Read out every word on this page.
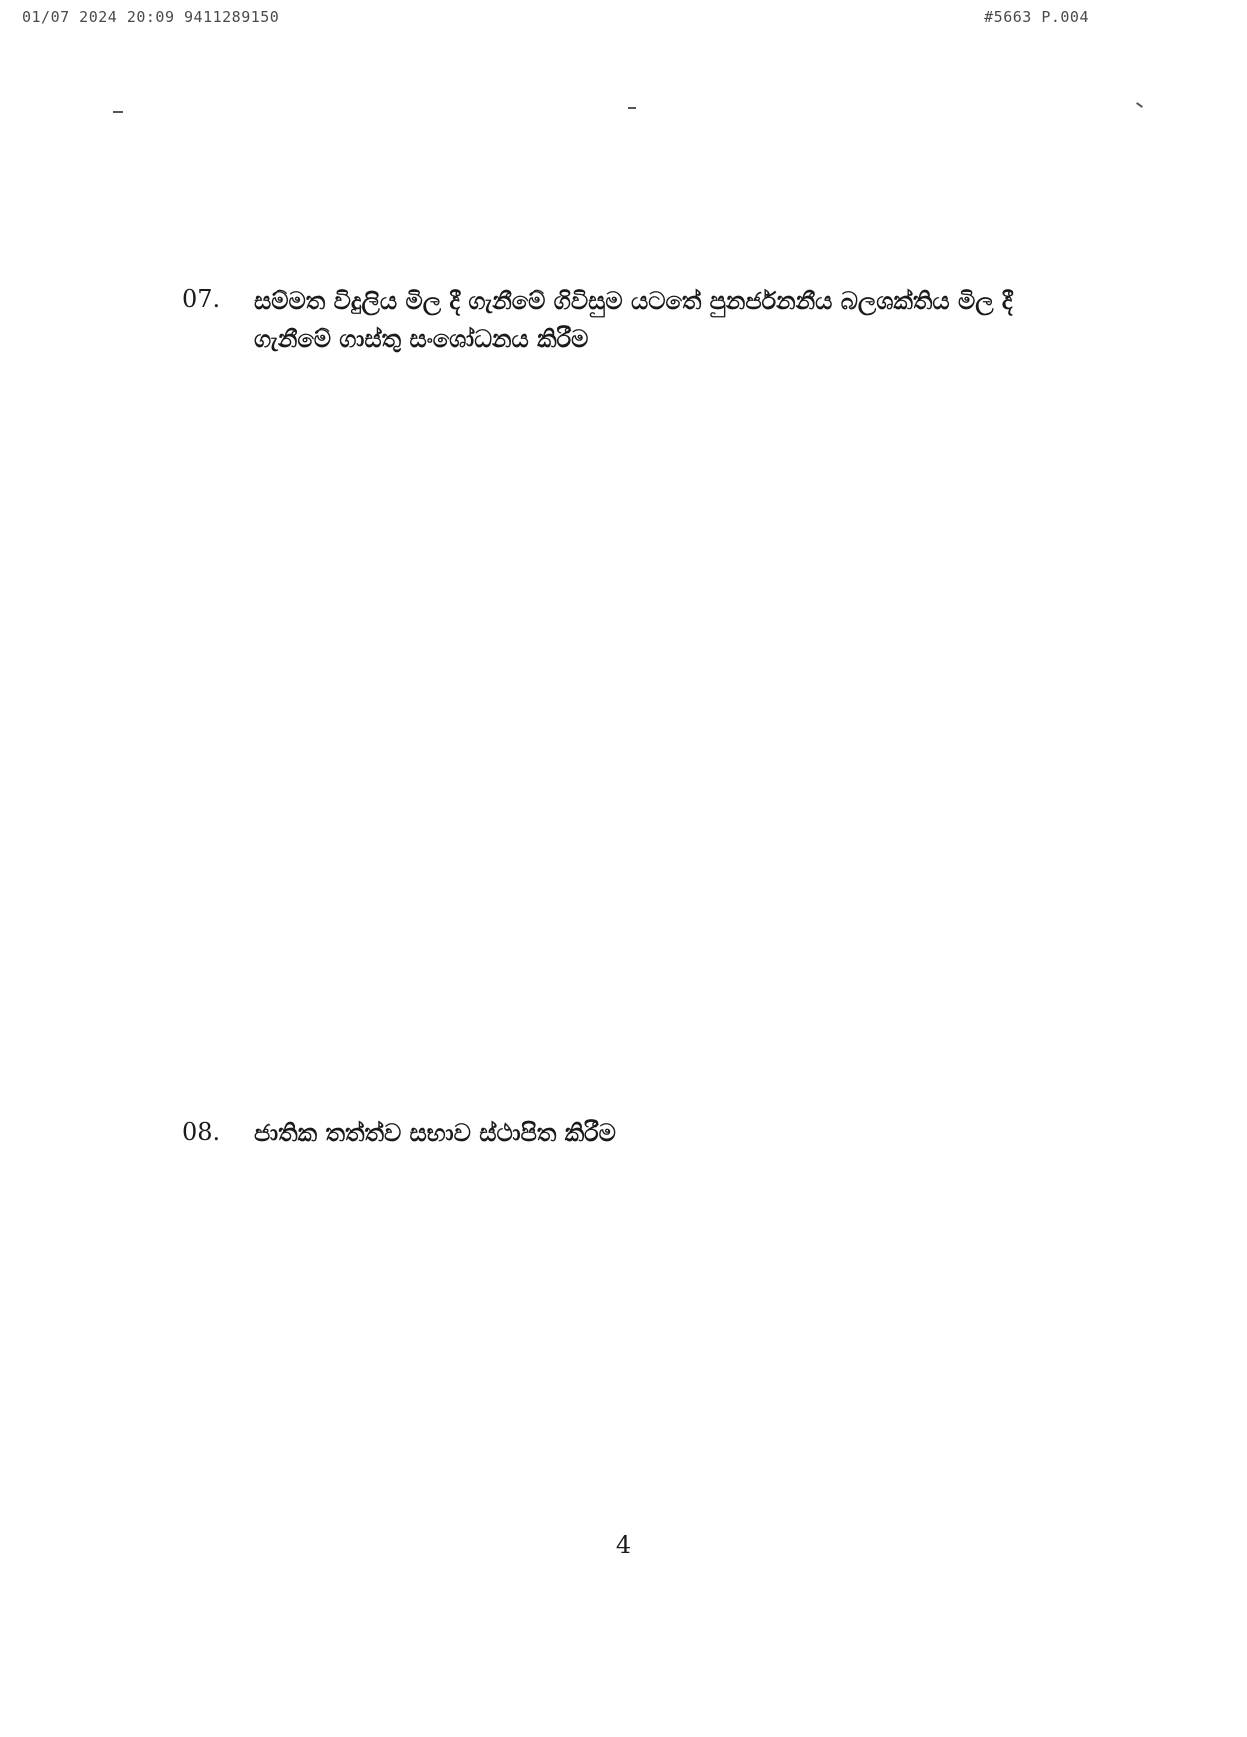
01/07 2024 20:09 9411289150	#5663 P.004

07. සම්මත විදුලිය මිල දී ගැනීමේ ගිවිසුම යටතේ පුනර්ජනනීය බලශක්තිය මිල දී ගැනීමේ ගාස්තු සංශෝධනය කිරීම

08. ජාතික තත්ත්ව සභාව ස්ථාපිත කිරීම

4
